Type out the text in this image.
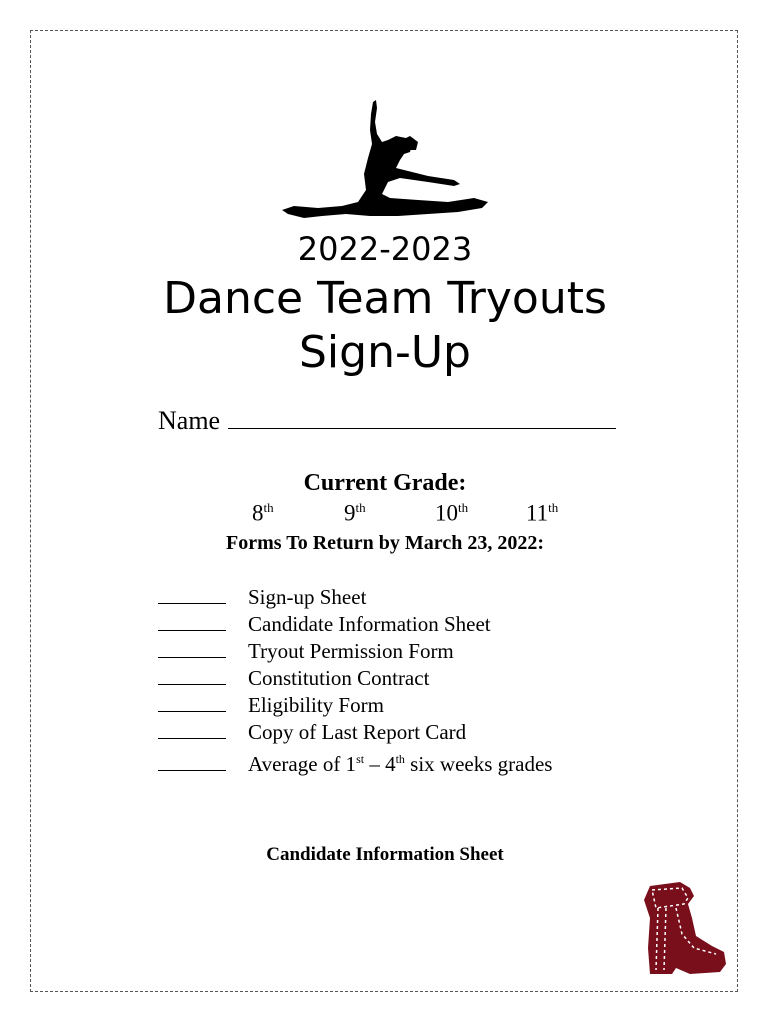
2022-2023
Dance Team Tryouts
Sign-Up
Name
Current Grade:
8th	9th	10th	11th
Forms To Return by March 23, 2022:
Sign-up Sheet
Candidate Information Sheet
Tryout Permission Form
Constitution Contract
Eligibility Form
Copy of Last Report Card
Average of 1st – 4th six weeks grades
Candidate Information Sheet
